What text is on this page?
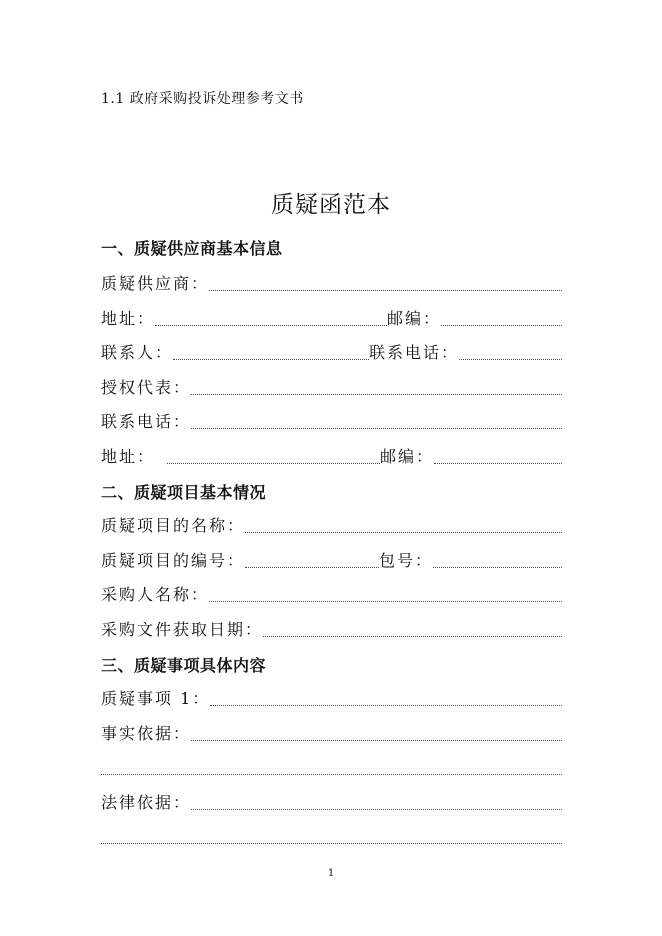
1.1 政府采购投诉处理参考文书
质疑函范本
一、质疑供应商基本信息
质疑供应商：
地址：	邮编：
联系人：	联系电话：
授权代表：
联系电话：
地址：	邮编：
二、质疑项目基本情况
质疑项目的名称：
质疑项目的编号：	包号：
采购人名称：
采购文件获取日期：
三、质疑事项具体内容
质疑事项 1：
事实依据：
法律依据：
1
